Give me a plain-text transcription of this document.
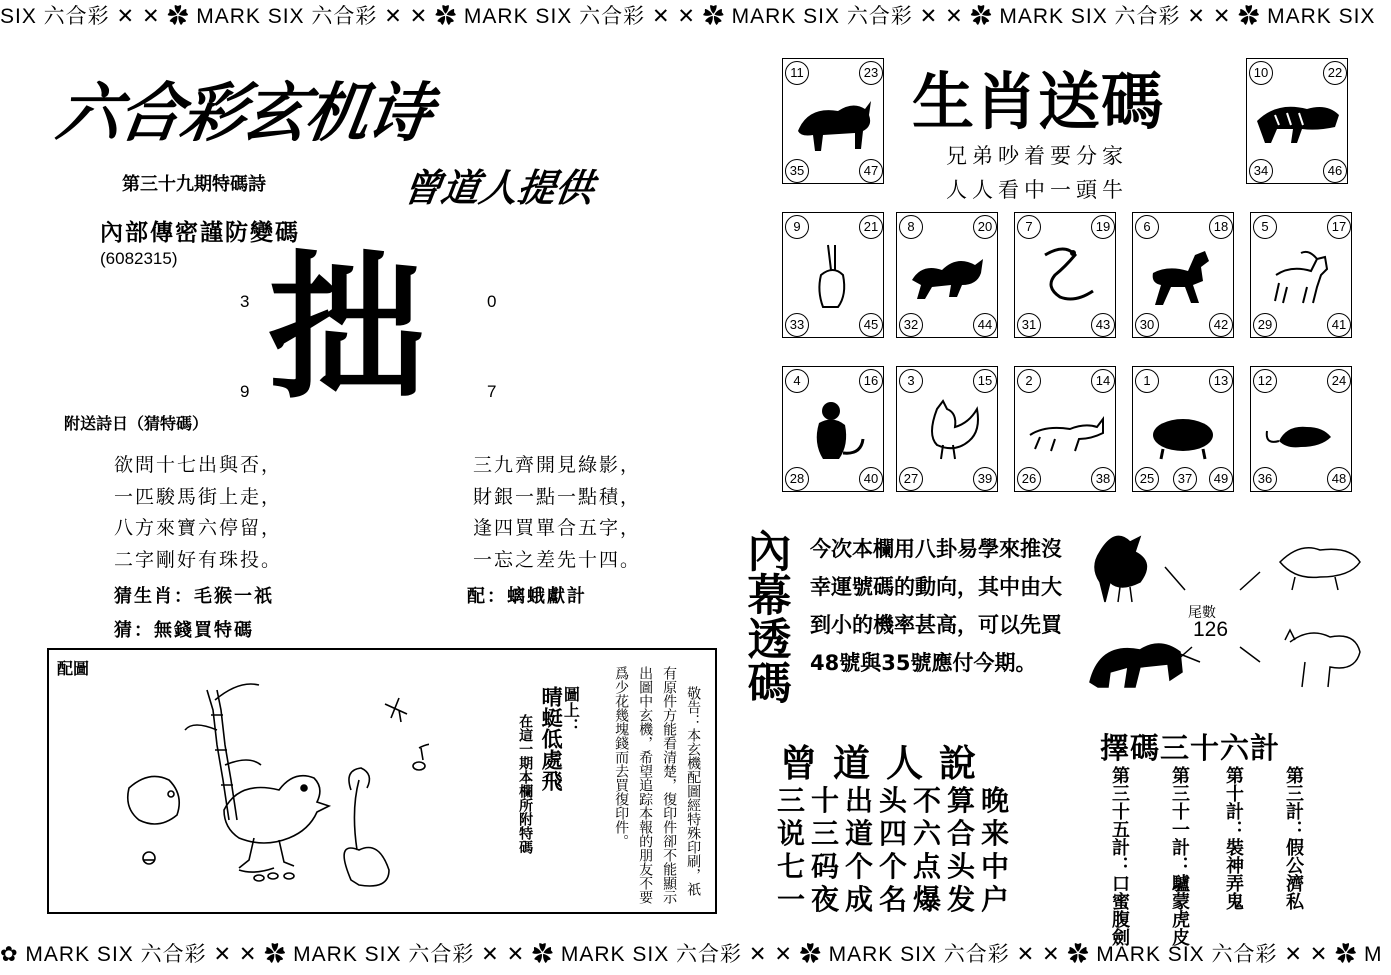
SIX 六合彩 ✕ ✕ ✿ MARK SIX 六合彩 ✕ ✕ ✿ MARK SIX 六合彩 ✕ ✕ ✿ MARK SIX 六合彩 ✕ ✕ ✿ MARK SIX 六合彩 ✕ ✕ ✿ MARK SIX
✿ MARK SIX 六合彩 ✕ ✕ ✿ MARK SIX 六合彩 ✕ ✕ ✿ MARK SIX 六合彩 ✕ ✕ ✿ MARK SIX 六合彩 ✕ ✕ ✿ MARK SIX 六合彩 ✕ ✕ ✿ M
六合彩玄机诗
第三十九期特碼詩	曾道人提供
內部傳密謹防變碼
(6082315) 拙
3	0
9	7
附送詩日（猜特碼）
欲問十七出與否，
一匹駿馬街上走，
八方來寶六停留，
二字剛好有珠投。
三九齊開見綠影，
財銀一點一點積，
逢四買單合五字，
一忘之差先十四。
猜生肖：毛猴一祇	配：螭蛾獻計
猜：無錢買特碼
配圖
晴蜓低處飛
圖上：
在這一期本欄所附特碼	敬告：本玄機配圖經特殊印刷，祇
有原件方能看清楚，復印件卻不能顯示
出圖中玄機，希望追踪本報的朋友不要
爲少花幾塊錢而去買復印件。
生肖送碼
兄弟吵着要分家
人人看中一頭牛
11	23
35	47
10	22
34	46
9	21
33	45
8	20
32	44
7	19
31	43
6	18
30	42
5	17
29	41
4	16
28	40
3	15
27	39
2	14
26	38
1	13
25	37	49
12	24
36	48
內幕透碼 今次本欄用八卦易學來推沒幸運號碼的動向，其中由大到小的機率甚高，可以先買48號與35號應付今期。
尾數
126
曾道人說
三十出头不算晚
说三道四六合来
七码个个点头中
一夜成名爆发户
擇碼三十六計
第三十五計：口蜜腹劍 第三十一計：驢蒙虎皮 第十計：裝神弄鬼 第三計：假公濟私
